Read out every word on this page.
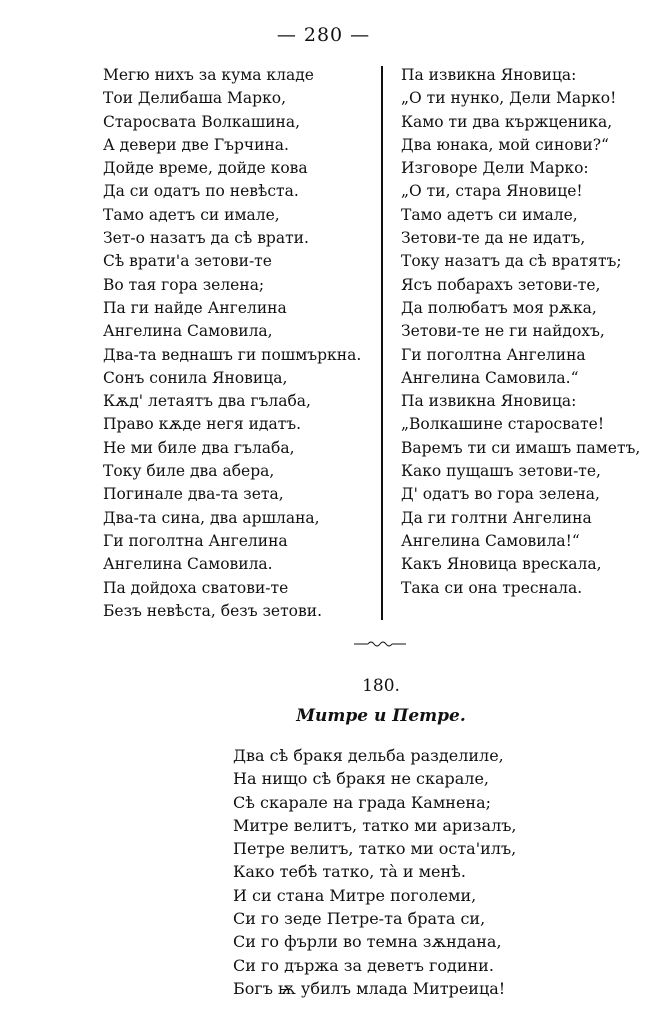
— 280 —
Мегю нихъ за кума кладе
Тои Делибаша Марко,
Старосвата Волкашина,
А девери две Гърчина.
Дойде време, дойде кова
Да си одатъ по невѣста.
Тамо адетъ си имале,
Зет-о назатъ да сѣ врати.
Сѣ врати'а зетови-те
Во тая гора зелена;
Па ги найде Ангелина
Ангелина Самовила,
Два-та веднашъ ги пошмъркна.
Сонъ сонила Яновица,
Кѫд' летаятъ два гълаба,
Право кѫде негя идатъ.
Не ми биле два гълаба,
Току биле два абера,
Погинале два-та зета,
Два-та сина, два аршлана,
Ги поголтна Ангелина
Ангелина Самовила.
Па дойдоха сватови-те
Безъ невѣста, безъ зетови.
Па извикна Яновица:
„О ти нунко, Дели Марко!
Камо ти два кържценика,
Два юнака, мой синови?“
Изговоре Дели Марко:
„О ти, стара Яновице!
Тамо адетъ си имале,
Зетови-те да не идатъ,
Току назатъ да сѣ вратятъ;
Ясъ побарахъ зетови-те,
Да полюбатъ моя рѫка,
Зетови-те не ги найдохъ,
Ги поголтна Ангелина
Ангелина Самовила.“
Па извикна Яновица:
„Волкашине старосвате!
Варемъ ти си имашъ паметъ,
Како пущашъ зетови-те,
Д' одатъ во гора зелена,
Да ги голтни Ангелина
Ангелина Самовила!“
Какъ Яновица врескала,
Така си она треснала.
180.
Митре и Петре.
Два сѣ бракя дельба разделиле,
На нищо сѣ бракя не скарале,
Сѣ скарале на града Камнена;
Митре велитъ, татко ми аризалъ,
Петре велитъ, татко ми оста'илъ,
Како тебѣ татко, тà и менѣ.
И си стана Митре поголеми,
Си го зеде Петре-та брата си,
Си го фърли во темна зѫндана,
Си го държа за деветъ години.
Богъ ѭ убилъ млада Митреица!
